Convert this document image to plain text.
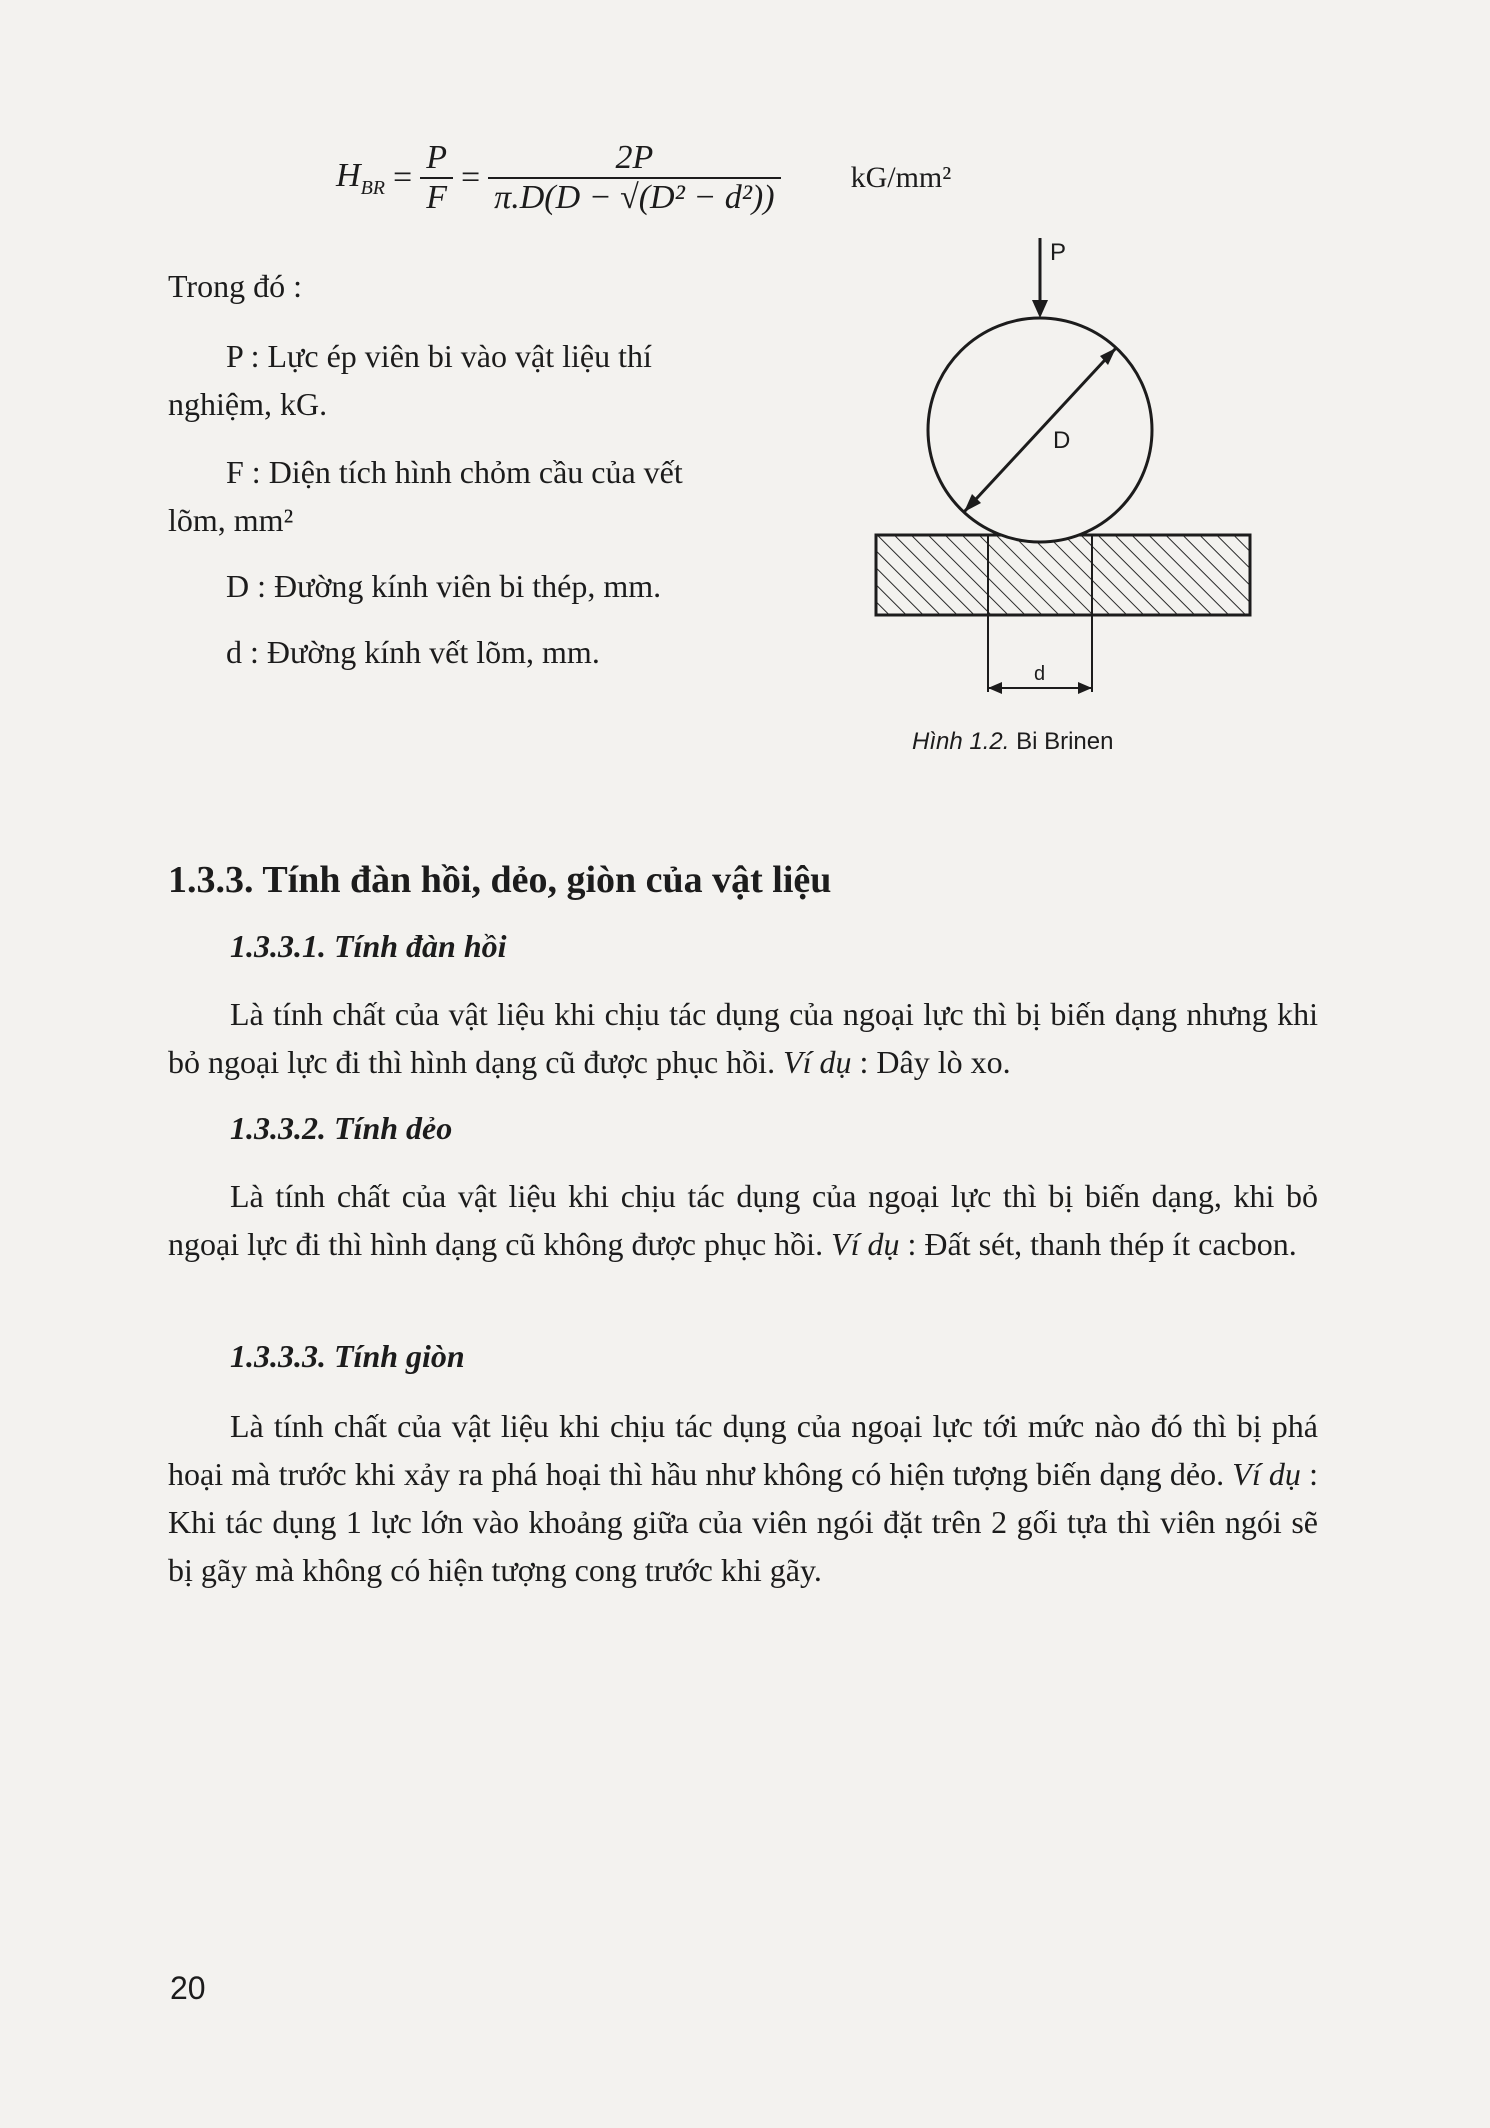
$H_{BR} = \frac{P}{F} = \frac{2P}{\text{π.D(D − √(D² − d²))}} kG/mm^2$
Trong đó :
P : Lực ép viên bi vào vật liệu thí
nghiệm, kG.
F : Diện tích hình chỏm cầu của vết
lõm, mm²
D : Đường kính viên bi thép, mm.
d : Đường kính vết lõm, mm.
P
D
d
Hình 1.2. Bi Brinen
1.3.3. Tính đàn hồi, dẻo, giòn của vật liệu
1.3.3.1. Tính đàn hồi

Là tính chất của vật liệu khi chịu tác dụng của ngoại lực thì bị biến dạng nhưng khi bỏ ngoại lực đi thì hình dạng cũ được phục hồi. Ví dụ : Dây lò xo.

1.3.3.2. Tính dẻo

Là tính chất của vật liệu khi chịu tác dụng của ngoại lực thì bị biến dạng, khi bỏ ngoại lực đi thì hình dạng cũ không được phục hồi. Ví dụ : Đất sét, thanh thép ít cacbon.

1.3.3.3. Tính giòn

Là tính chất của vật liệu khi chịu tác dụng của ngoại lực tới mức nào đó thì bị phá hoại mà trước khi xảy ra phá hoại thì hầu như không có hiện tượng biến dạng dẻo. Ví dụ : Khi tác dụng 1 lực lớn vào khoảng giữa của viên ngói đặt trên 2 gối tựa thì viên ngói sẽ bị gãy mà không có hiện tượng cong trước khi gãy.

20
